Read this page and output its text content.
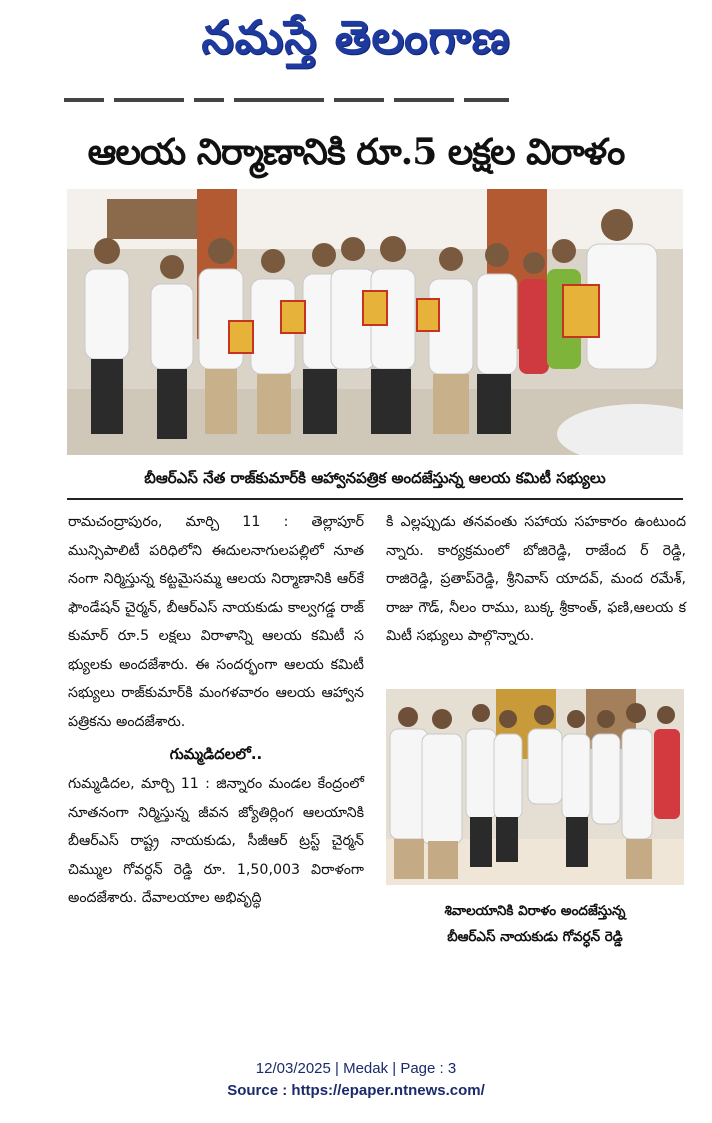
నమస్తే తెలంగాణ
ఆలయ నిర్మాణానికి రూ.5 లక్షల విరాళం
బీఆర్ఎస్ నేత రాజ్‌కుమార్‌కి ఆహ్వానపత్రిక అందజేస్తున్న ఆలయ కమిటీ సభ్యులు

రామచంద్రాపురం, మార్చి 11 : తెల్లాపూర్ మున్సిపాలిటీ పరిధిలోని ఈదులనాగులపల్లిలో నూతనంగా నిర్మిస్తున్న కట్టమైసమ్మ ఆలయ నిర్మాణానికి ఆర్‌కే ఫౌండేషన్ చైర్మన్, బీఆర్ఎస్ నాయకుడు కాల్వగడ్డ రాజ్ కుమార్ రూ.5 లక్షలు విరాళాన్ని ఆలయ కమిటీ సభ్యులకు అందజేశారు. ఈ సందర్భంగా ఆలయ కమిటీ సభ్యులు రాజ్‌కుమార్‌కి మంగళవారం ఆలయ ఆహ్వానపత్రికను అందజేశారు.

గుమ్మడిదలలో..

గుమ్మడిదల, మార్చి 11 : జిన్నారం మండల కేంద్రంలో నూతనంగా నిర్మిస్తున్న జీవన జ్యోతిర్లింగ ఆలయానికి బీఆర్ఎస్ రాష్ట్ర నాయకుడు, సీజీఆర్ ట్రస్ట్ చైర్మన్ చిమ్ముల గోవర్ధన్ రెడ్డి రూ. 1,50,003 విరాళంగా అందజేశారు. దేవాలయాల అభివృద్ధి

కి ఎల్లప్పుడు తనవంతు సహాయ సహకారం ఉంటుందన్నారు. కార్యక్రమంలో బోజిరెడ్డి, రాజేంద ర్ రెడ్డి, రాజిరెడ్డి, ప్రతాప్‌రెడ్డి, శ్రీనివాస్ యాదవ్, మంద రమేశ్, రాజు గౌడ్, నీలం రాము, బుక్క శ్రీకాంత్, ఫణి,ఆలయ కమిటీ సభ్యులు పాల్గొన్నారు.

శివాలయానికి విరాళం అందజేస్తున్న
బీఆర్ఎస్ నాయకుడు గోవర్ధన్ రెడ్డి
12/03/2025 | Medak | Page : 3
Source : https://epaper.ntnews.com/
